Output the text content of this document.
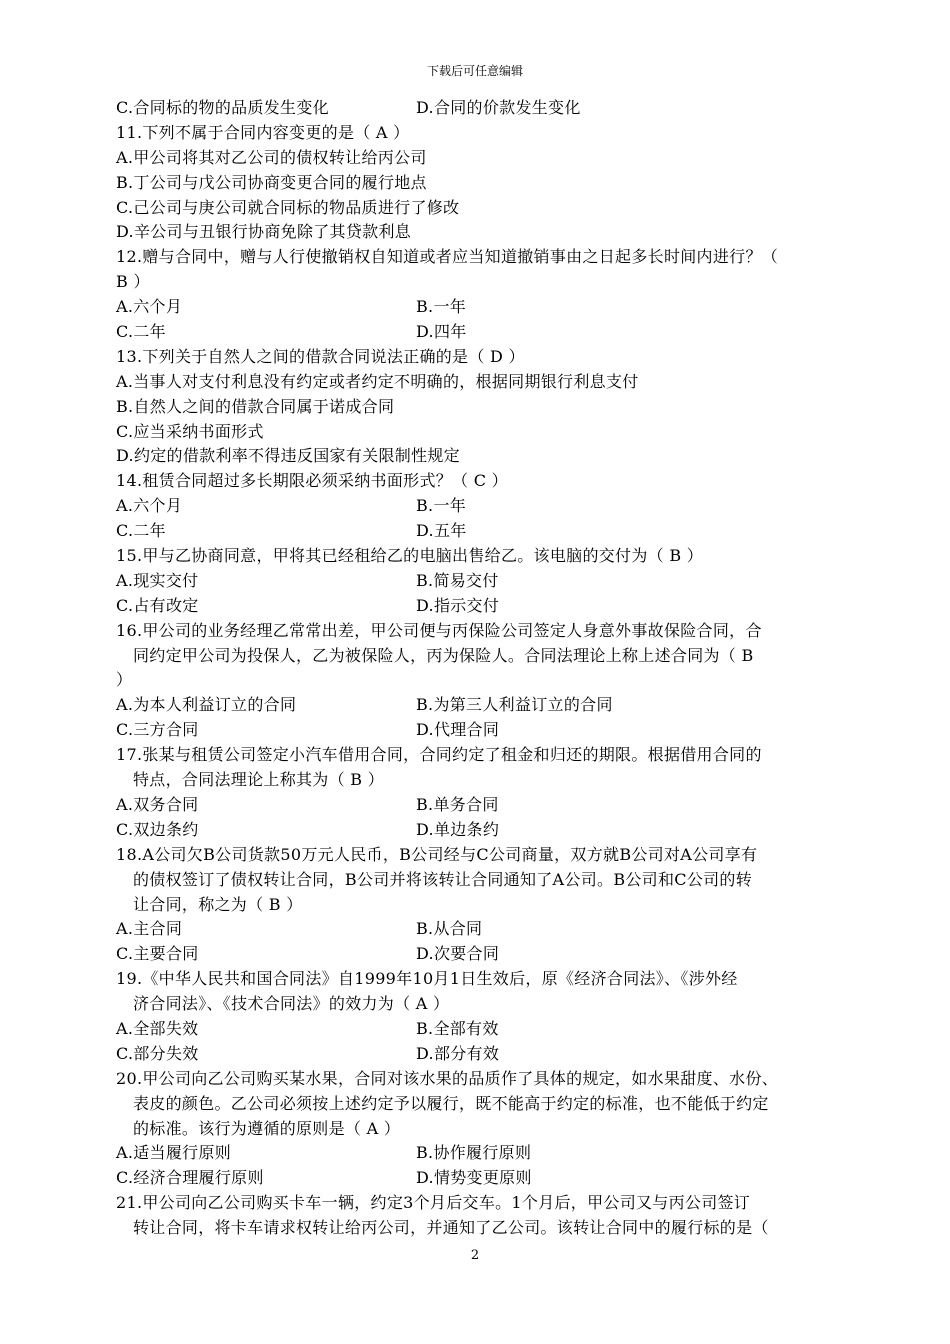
下载后可任意编辑
C.合同标的物的品质发生变化	D.合同的价款发生变化
11.下列不属于合同内容变更的是（ A ）
A.甲公司将其对乙公司的债权转让给丙公司
B.丁公司与戊公司协商变更合同的履行地点
C.己公司与庚公司就合同标的物品质进行了修改
D.辛公司与丑银行协商免除了其贷款利息
12.赠与合同中，赠与人行使撤销权自知道或者应当知道撤销事由之日起多长时间内进行？（
B ）
A.六个月	B.一年
C.二年	D.四年
13.下列关于自然人之间的借款合同说法正确的是（ D ）
A.当事人对支付利息没有约定或者约定不明确的，根据同期银行利息支付
B.自然人之间的借款合同属于诺成合同
C.应当采纳书面形式
D.约定的借款利率不得违反国家有关限制性规定
14.租赁合同超过多长期限必须采纳书面形式？（ C ）
A.六个月	B.一年
C.二年	D.五年
15.甲与乙协商同意，甲将其已经租给乙的电脑出售给乙。该电脑的交付为（ B ）
A.现实交付	B.简易交付
C.占有改定	D.指示交付
16.甲公司的业务经理乙常常出差，甲公司便与丙保险公司签定人身意外事故保险合同，合
同约定甲公司为投保人，乙为被保险人，丙为保险人。合同法理论上称上述合同为（ B
）
A.为本人利益订立的合同	B.为第三人利益订立的合同
C.三方合同	D.代理合同
17.张某与租赁公司签定小汽车借用合同，合同约定了租金和归还的期限。根据借用合同的
特点，合同法理论上称其为（ B ）
A.双务合同	B.单务合同
C.双边条约	D.单边条约
18.A公司欠B公司货款50万元人民币，B公司经与C公司商量，双方就B公司对A公司享有
的债权签订了债权转让合同，B公司并将该转让合同通知了A公司。B公司和C公司的转
让合同，称之为（ B ）
A.主合同	B.从合同
C.主要合同	D.次要合同
19.《中华人民共和国合同法》自1999年10月1日生效后，原《经济合同法》、《涉外经
济合同法》、《技术合同法》的效力为（ A ）
A.全部失效	B.全部有效
C.部分失效	D.部分有效
20.甲公司向乙公司购买某水果，合同对该水果的品质作了具体的规定，如水果甜度、水份、
表皮的颜色。乙公司必须按上述约定予以履行，既不能高于约定的标准，也不能低于约定
的标准。该行为遵循的原则是（ A ）
A.适当履行原则	B.协作履行原则
C.经济合理履行原则	D.情势变更原则
21.甲公司向乙公司购买卡车一辆，约定3个月后交车。1个月后，甲公司又与丙公司签订
转让合同，将卡车请求权转让给丙公司，并通知了乙公司。该转让合同中的履行标的是（
2
